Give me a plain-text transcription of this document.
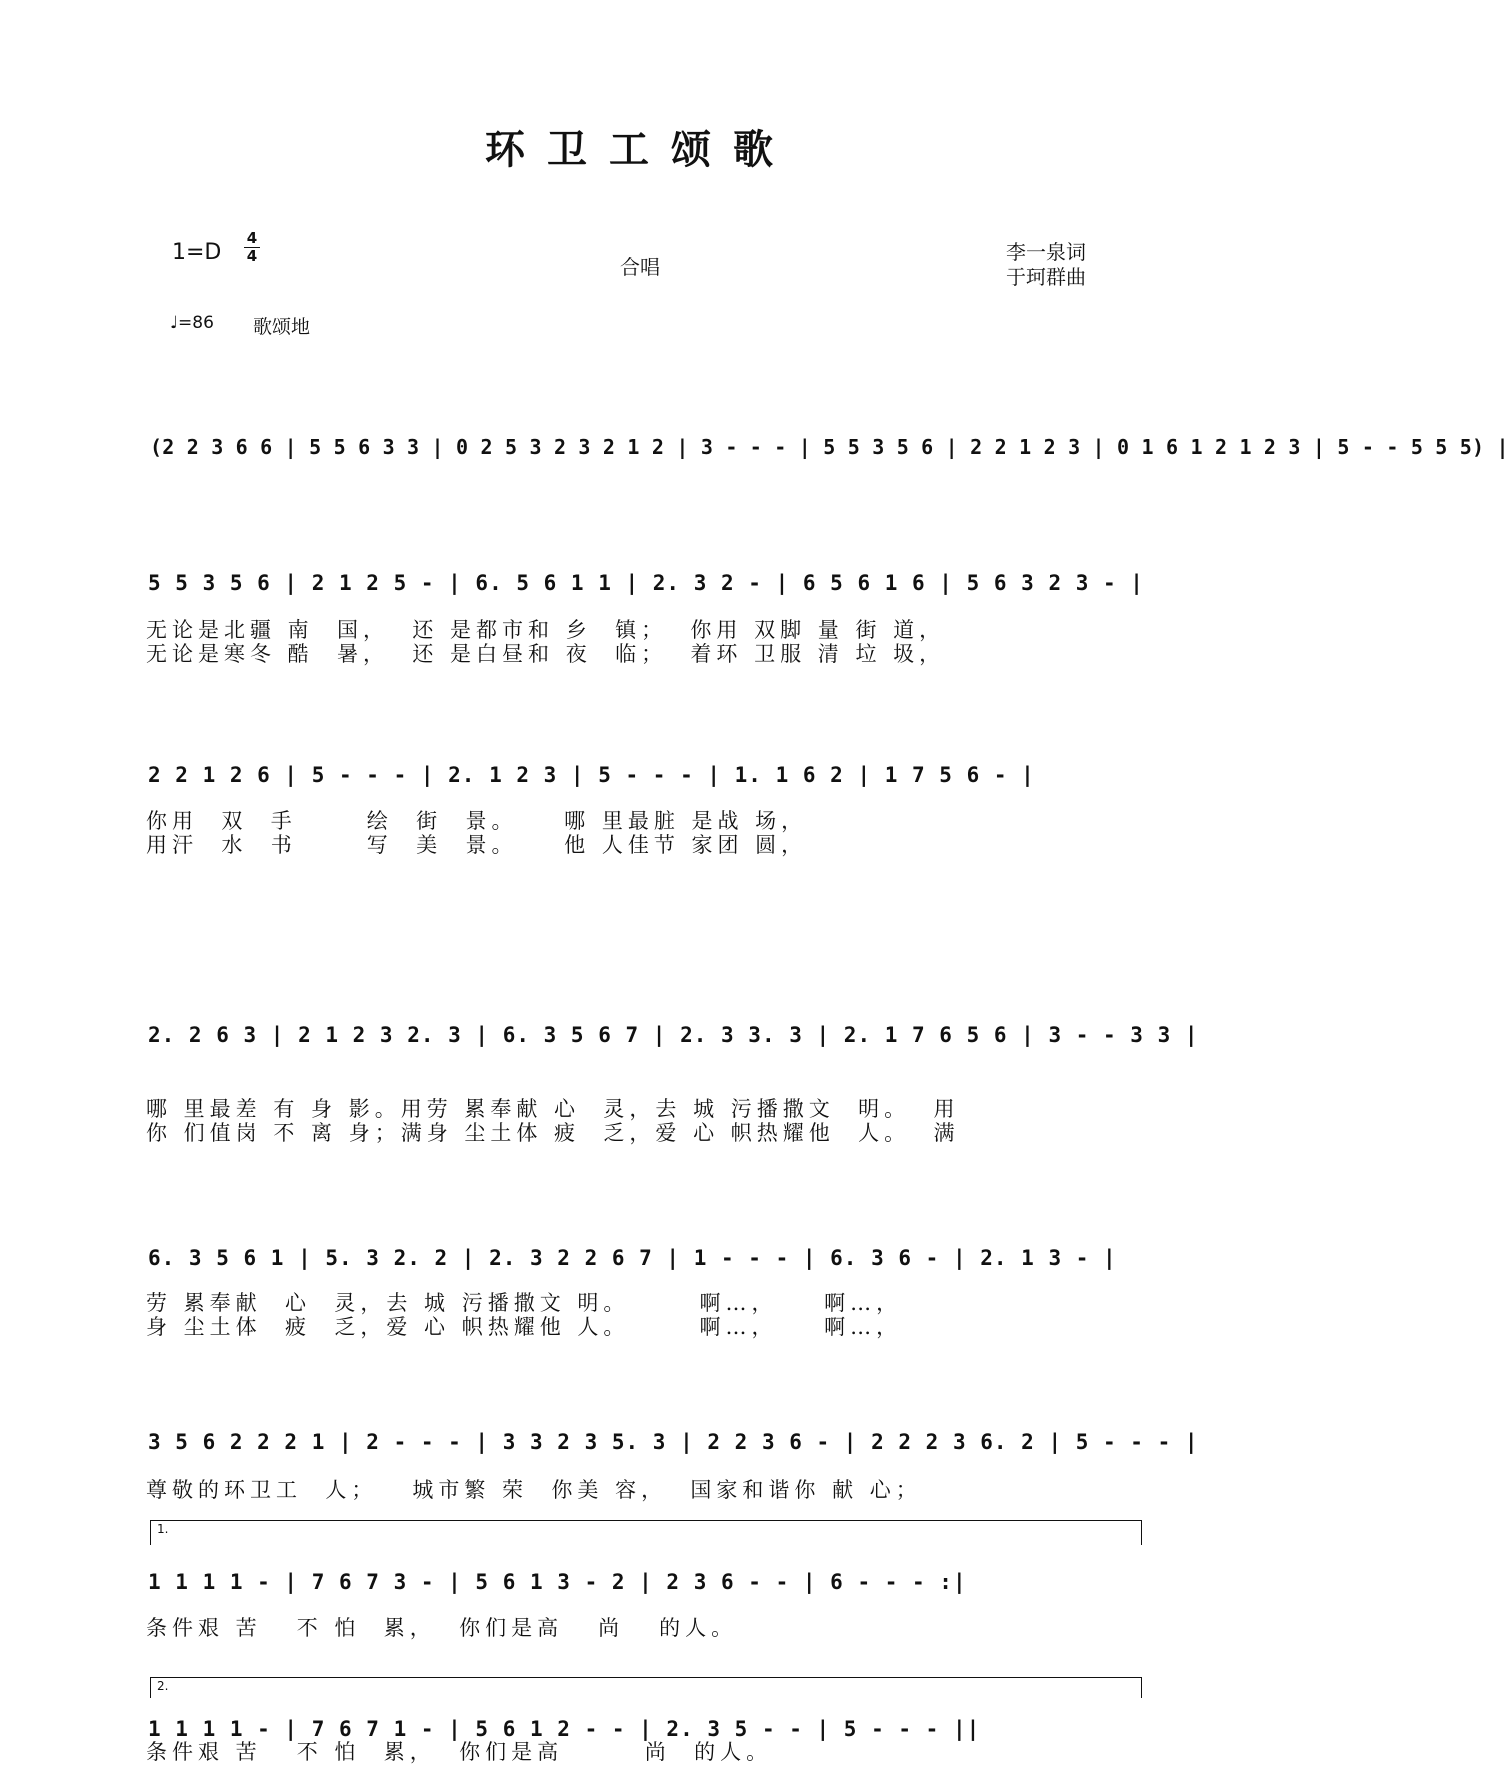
环卫工颂歌
1=D
4
4	合唱
李一泉词
于珂群曲
♩=86 歌颂地
(2 2 3 6 6 | 5 5 6 3 3 | 0 2 5 3 2 3 2 1 2 | 3 - - - | 5 5 3 5 6 | 2 2 1 2 3 | 0 1 6 1 2 1 2 3 | 5 - - 5 5 5) |
5 5 3 5 6 | 2 1 2 5 - | 6. 5 6 1 1 | 2. 3 2 - | 6 5 6 1 6 | 5 6 3 2 3 - |
无论是北疆 南  国，  还 是都市和 乡  镇；  你用 双脚 量 街 道，
无论是寒冬 酷  暑，  还 是白昼和 夜  临；  着环 卫服 清 垃 圾，
2 2 1 2 6 | 5 - - - | 2. 1 2 3 | 5 - - - | 1. 1 6 2 | 1 7 5 6 - |
你用  双  手      绘  街  景。    哪 里最脏 是战 场，
用汗  水  书      写  美  景。    他 人佳节 家团 圆，
2. 2 6 3 | 2 1 2 3 2. 3 | 6. 3 5 6 7 | 2. 3 3. 3 | 2. 1 7 6 5 6 | 3 - - 3 3 |
哪 里最差 有 身 影。用劳 累奉献 心  灵，去 城 污播撒文  明。  用
你 们值岗 不 离 身；满身 尘土体 疲  乏，爱 心 帜热耀他  人。  满
6. 3 5 6 1 | 5. 3 2. 2 | 2. 3 2 2 6 7 | 1 - - - | 6. 3 6 - | 2. 1 3 - |
劳 累奉献  心  灵，去 城 污播撒文 明。      啊…，    啊…，
身 尘土体  疲  乏，爱 心 帜热耀他 人。      啊…，    啊…，
3 5 6 2 2 2 1 | 2 - - - | 3 3 2 3 5. 3 | 2 2 3 6 - | 2 2 2 3 6. 2 | 5 - - - |
尊敬的环卫工  人；   城市繁 荣  你美 容，  国家和谐你 献 心；
1.
1 1 1 1 - | 7 6 7 3 - | 5 6 1 3 - 2 | 2 3 6 - - | 6 - - - :|
条件艰 苦   不 怕  累，  你们是高   尚   的人。
2.
1 1 1 1 - | 7 6 7 1 - | 5 6 1 2 - - | 2. 3 5 - - | 5 - - - ||
条件艰 苦   不 怕  累，  你们是高       尚  的人。
